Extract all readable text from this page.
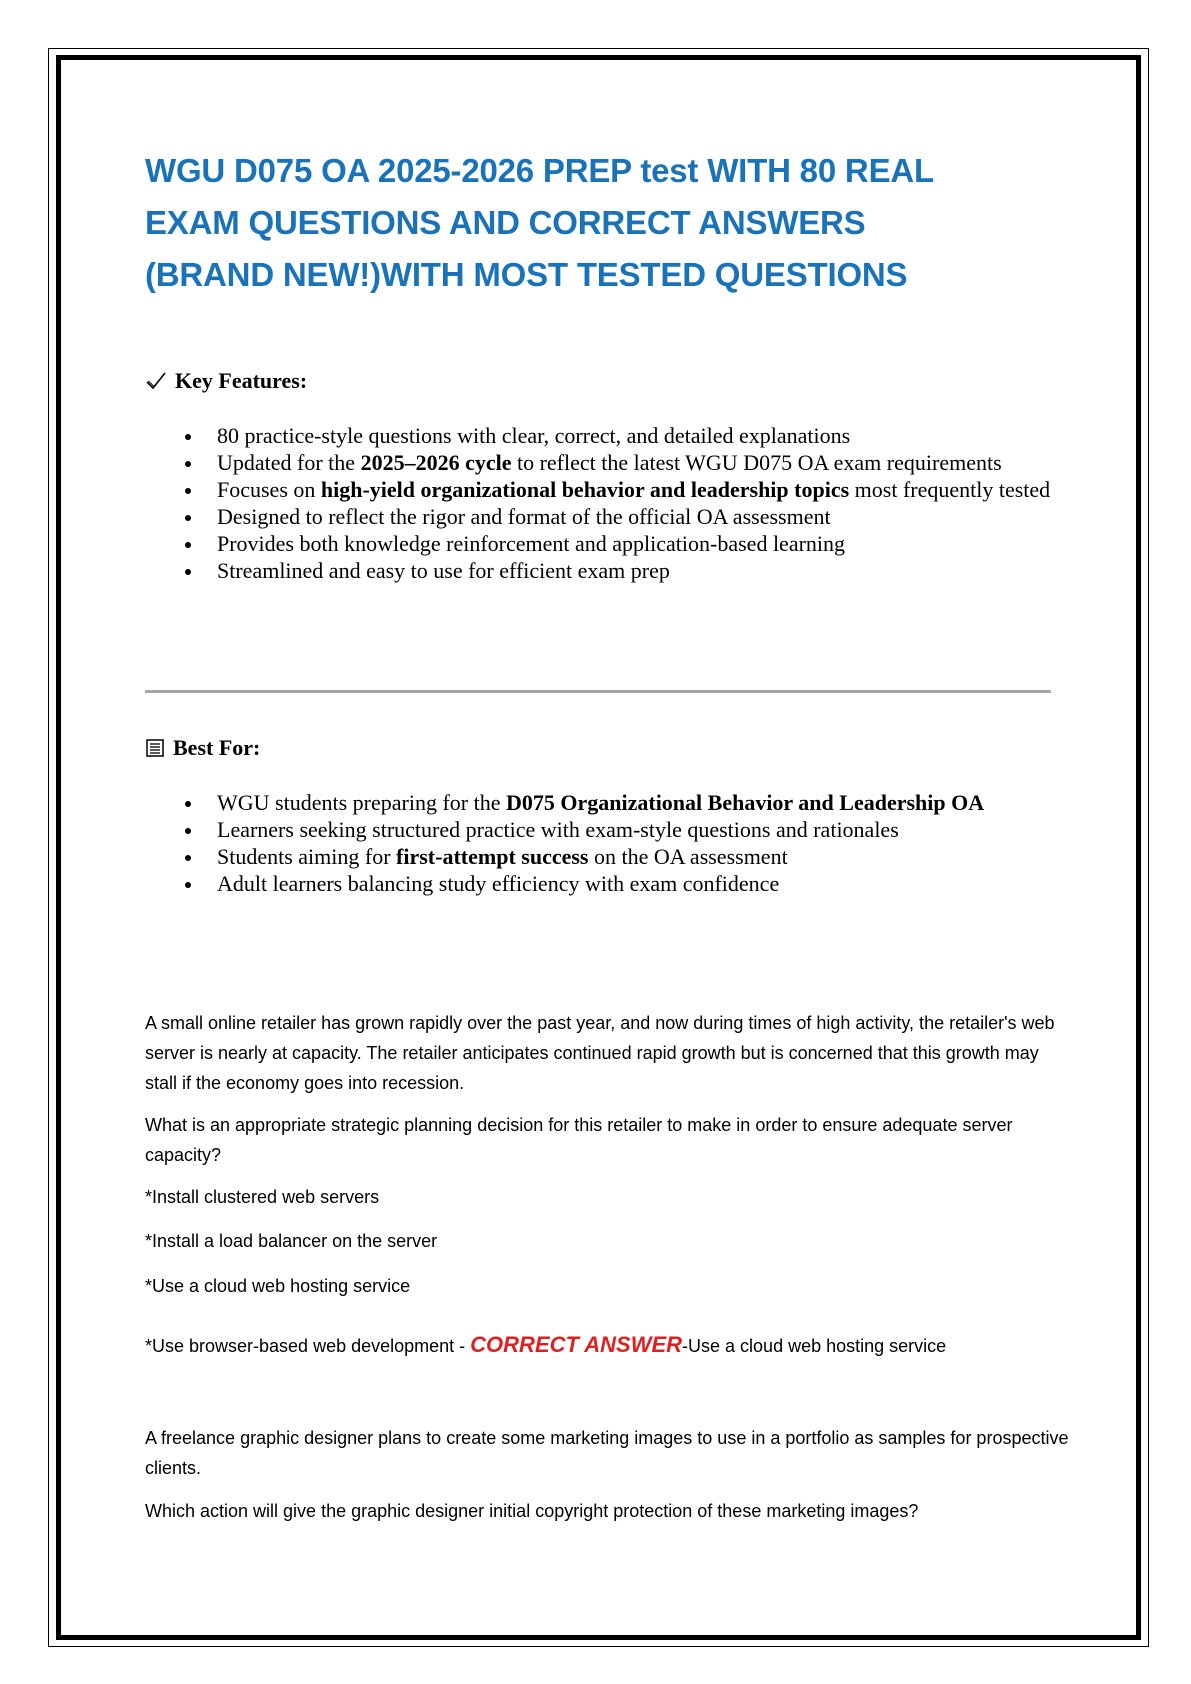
WGU D075 OA 2025-2026 PREP test WITH 80 REAL

EXAM QUESTIONS AND CORRECT ANSWERS

(BRAND NEW!)WITH MOST TESTED QUESTIONS

Key Features:
80 practice-style questions with clear, correct, and detailed explanations
Updated for the 2025–2026 cycle to reflect the latest WGU D075 OA exam requirements
Focuses on high-yield organizational behavior and leadership topics most frequently tested
Designed to reflect the rigor and format of the official OA assessment
Provides both knowledge reinforcement and application-based learning
Streamlined and easy to use for efficient exam prep
Best For:
WGU students preparing for the D075 Organizational Behavior and Leadership OA
Learners seeking structured practice with exam-style questions and rationales
Students aiming for first-attempt success on the OA assessment
Adult learners balancing study efficiency with exam confidence

A small online retailer has grown rapidly over the past year, and now during times of high activity, the retailer's web server is nearly at capacity. The retailer anticipates continued rapid growth but is concerned that this growth may stall if the economy goes into recession.

What is an appropriate strategic planning decision for this retailer to make in order to ensure adequate server capacity?

*Install clustered web servers

*Install a load balancer on the server

*Use a cloud web hosting service

*Use browser-based web development - CORRECT ANSWER-Use a cloud web hosting service

A freelance graphic designer plans to create some marketing images to use in a portfolio as samples for prospective clients.

Which action will give the graphic designer initial copyright protection of these marketing images?
